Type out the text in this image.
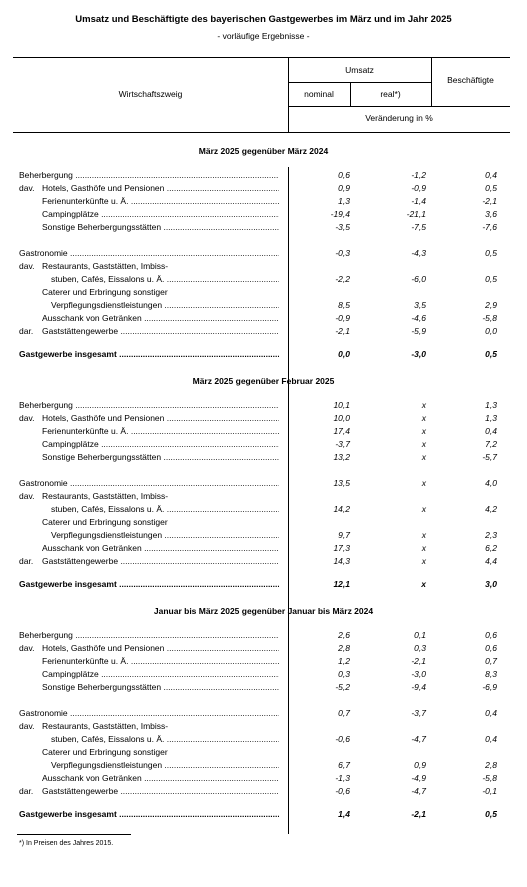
Umsatz und Beschäftigte des bayerischen Gastgewerbes im März und im Jahr 2025
- vorläufige Ergebnisse -
Wirtschaftszweig
Umsatz
nominal	real*)
Beschäftigte
Veränderung in %
März 2025 gegenüber März 2024
Beherbergung .....	0,6	-1,2	0,4
dav. Hotels, Gasthöfe und Pensionen .....	0,9	-0,9	0,5
Ferienunterkünfte u. Ä. .....	1,3	-1,4	-2,1
Campingplätze .....	-19,4	-21,1	3,6
Sonstige Beherbergungsstätten .....	-3,5	-7,5	-7,6
Gastronomie .....	-0,3	-4,3	0,5
dav. Restaurants, Gaststätten, Imbiss-
stuben, Cafés, Eissalons u. Ä. .....	-2,2	-6,0	0,5
Caterer und Erbringung sonstiger
Verpflegungsdienstleistungen .....	8,5	3,5	2,9
Ausschank von Getränken .....	-0,9	-4,6	-5,8
dar.	Gaststättengewerbe .....	-2,1	-5,9	0,0
Gastgewerbe insgesamt .....	0,0	-3,0	0,5
März 2025 gegenüber Februar 2025
Beherbergung .....	10,1	x	1,3
dav. Hotels, Gasthöfe und Pensionen .....	10,0	x	1,3
Ferienunterkünfte u. Ä. .....	17,4	x	0,4
Campingplätze .....	-3,7	x	7,2
Sonstige Beherbergungsstätten .....	13,2	x	-5,7
Gastronomie .....	13,5	x	4,0
dav. Restaurants, Gaststätten, Imbiss-
stuben, Cafés, Eissalons u. Ä. .....	14,2	x	4,2
Caterer und Erbringung sonstiger
Verpflegungsdienstleistungen .....	9,7	x	2,3
Ausschank von Getränken .....	17,3	x	6,2
dar.	Gaststättengewerbe .....	14,3	x	4,4
Gastgewerbe insgesamt .....	12,1	x	3,0
Januar bis März 2025 gegenüber Januar bis März 2024
Beherbergung .....	2,6	0,1	0,6
dav. Hotels, Gasthöfe und Pensionen .....	2,8	0,3	0,6
Ferienunterkünfte u. Ä. .....	1,2	-2,1	0,7
Campingplätze .....	0,3	-3,0	8,3
Sonstige Beherbergungsstätten .....	-5,2	-9,4	-6,9
Gastronomie .....	0,7	-3,7	0,4
dav. Restaurants, Gaststätten, Imbiss-
stuben, Cafés, Eissalons u. Ä. .....	-0,6	-4,7	0,4
Caterer und Erbringung sonstiger
Verpflegungsdienstleistungen .....	6,7	0,9	2,8
Ausschank von Getränken .....	-1,3	-4,9	-5,8
dar.	Gaststättengewerbe .....	-0,6	-4,7	-0,1
Gastgewerbe insgesamt .....	1,4	-2,1	0,5
*) In Preisen des Jahres 2015.
